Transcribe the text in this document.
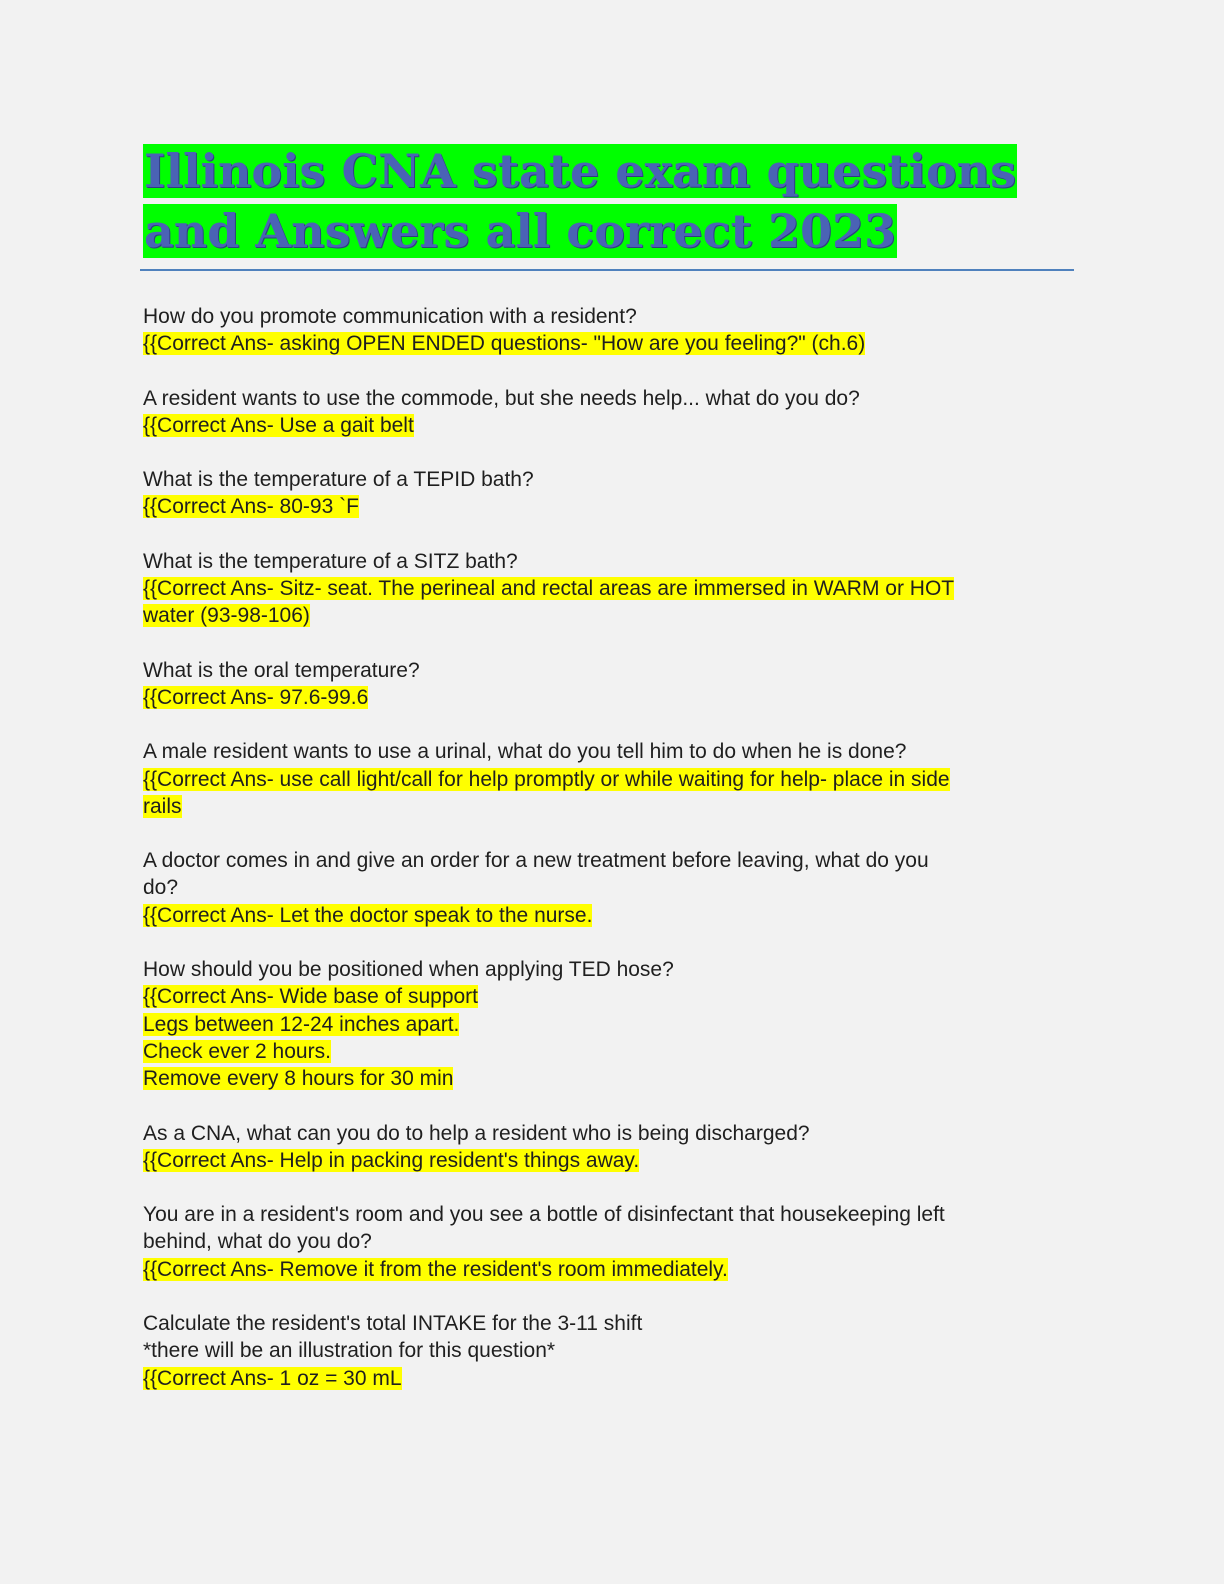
Illinois CNA state exam questions and Answers all correct 2023
How do you promote communication with a resident?
{{Correct Ans- asking OPEN ENDED questions- "How are you feeling?" (ch.6)
A resident wants to use the commode, but she needs help... what do you do?
{{Correct Ans- Use a gait belt
What is the temperature of a TEPID bath?
{{Correct Ans- 80-93 `F
What is the temperature of a SITZ bath?
{{Correct Ans- Sitz- seat. The perineal and rectal areas are immersed in WARM or HOT
water (93-98-106)
What is the oral temperature?
{{Correct Ans- 97.6-99.6
A male resident wants to use a urinal, what do you tell him to do when he is done?
{{Correct Ans- use call light/call for help promptly or while waiting for help- place in side
rails
A doctor comes in and give an order for a new treatment before leaving, what do you
do?
{{Correct Ans- Let the doctor speak to the nurse.
How should you be positioned when applying TED hose?
{{Correct Ans- Wide base of support
Legs between 12-24 inches apart.
Check ever 2 hours.
Remove every 8 hours for 30 min
As a CNA, what can you do to help a resident who is being discharged?
{{Correct Ans- Help in packing resident's things away.
You are in a resident's room and you see a bottle of disinfectant that housekeeping left
behind, what do you do?
{{Correct Ans- Remove it from the resident's room immediately.
Calculate the resident's total INTAKE for the 3-11 shift
*there will be an illustration for this question*
{{Correct Ans- 1 oz = 30 mL
